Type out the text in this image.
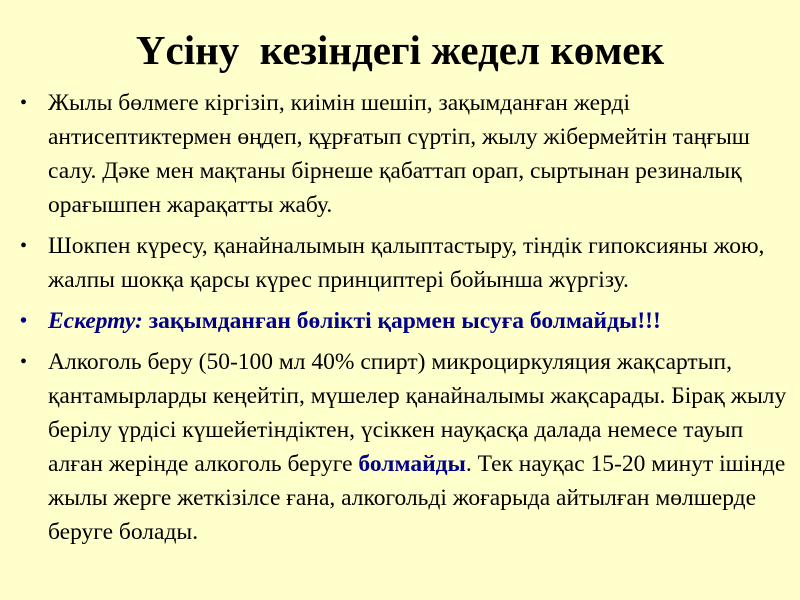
Үсіну  кезіндегі жедел көмек
• Жылы бөлмеге кіргізіп, киімін шешіп, зақымданған жерді антисептиктермен өңдеп, құрғатып сүртіп, жылу жібермейтін таңғыш салу. Дәке мен мақтаны бірнеше қабаттап орап, сыртынан резиналық орағышпен жарақатты жабу.
• Шокпен күресу, қанайналымын қалыптастыру, тіндік гипоксияны жою, жалпы шокқа қарсы күрес принциптері бойынша жүргізу.
• Ескерту: зақымданған бөлікті қармен ысуға болмайды!!!
• Алкоголь беру (50-100 мл 40% спирт) микроциркуляция жақсартып, қантамырларды кеңейтіп, мүшелер қанайналымы жақсарады. Бірақ жылу берілу үрдісі күшейетіндіктен, үсіккен науқасқа далада немесе тауып алған жерінде алкоголь беруге болмайды. Тек науқас 15-20 минут ішінде жылы жерге жеткізілсе ғана, алкогольді жоғарыда айтылған мөлшерде беруге болады.
